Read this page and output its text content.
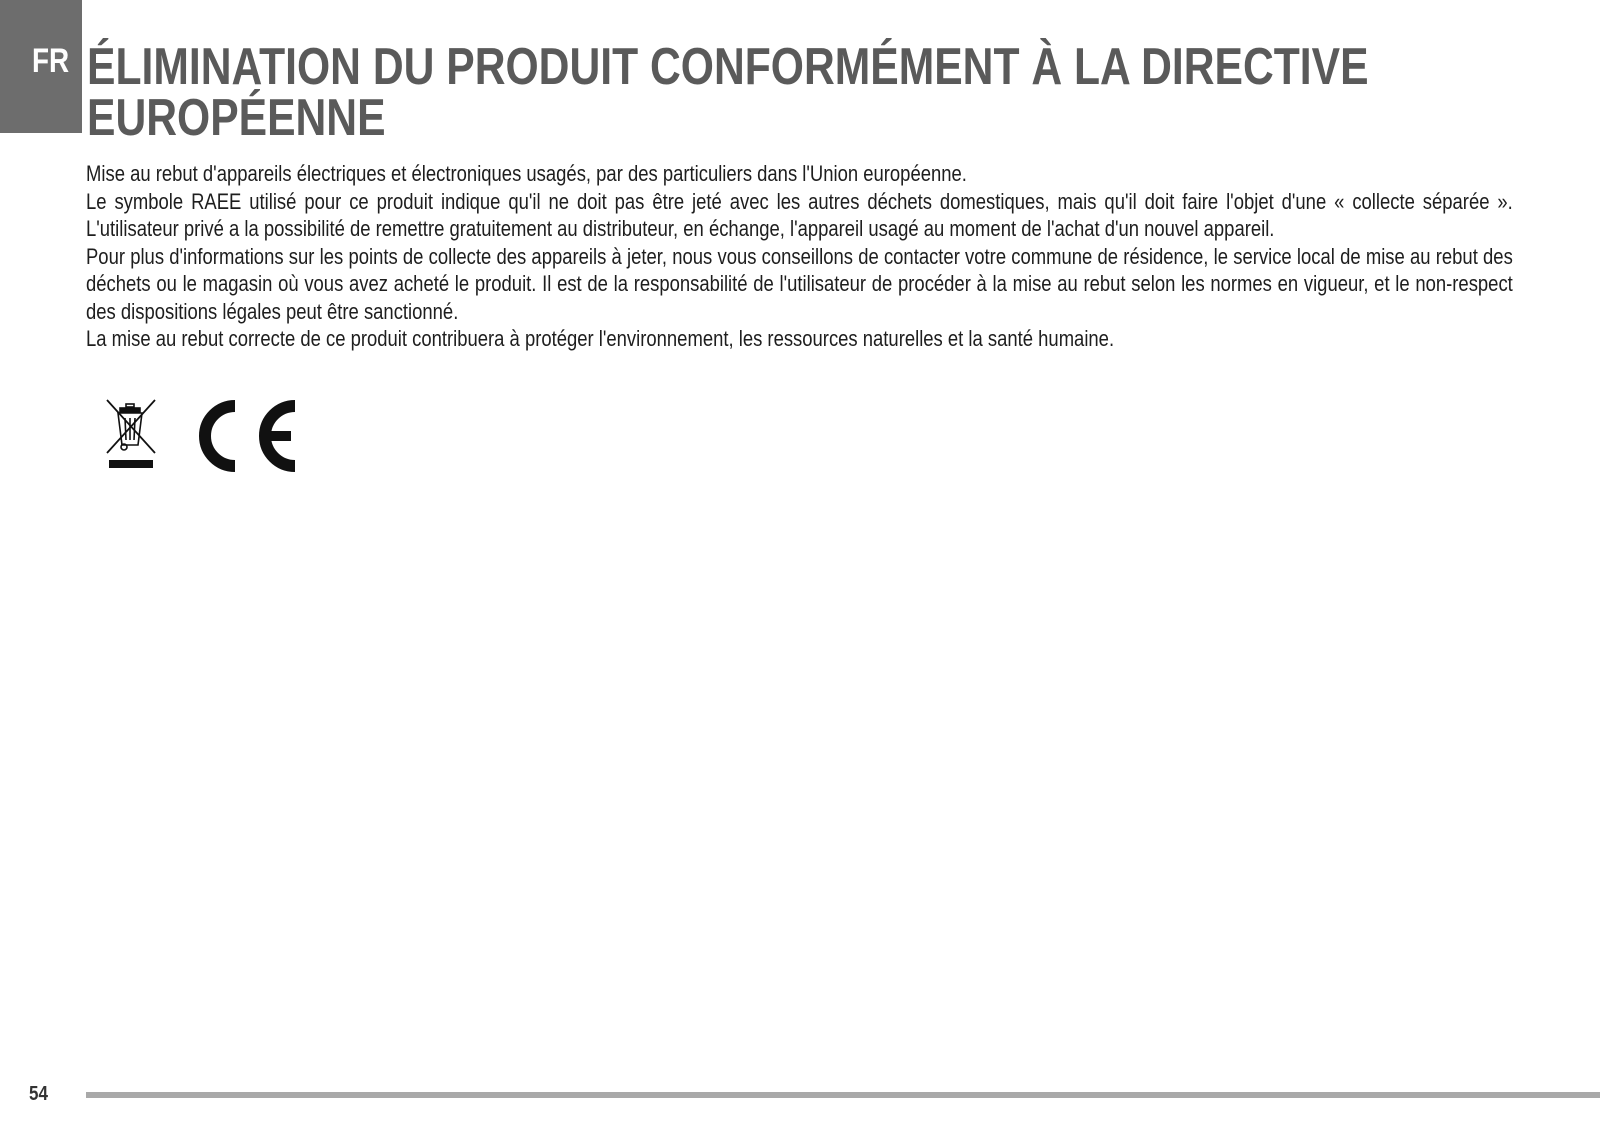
FR ÉLIMINATION DU PRODUIT CONFORMÉMENT À LA DIRECTIVE
EUROPÉENNE

Mise au rebut d'appareils électriques et électroniques usagés, par des particuliers dans l'Union européenne.

Le symbole RAEE utilisé pour ce produit indique qu'il ne doit pas être jeté avec les autres déchets domestiques, mais qu'il doit faire l'objet d'une « collecte séparée ». L'utilisateur privé a la possibilité de remettre gratuitement au distributeur, en échange, l'appareil usagé au moment de l'achat d'un nouvel appareil.

Pour plus d'informations sur les points de collecte des appareils à jeter, nous vous conseillons de contacter votre commune de résidence, le service local de mise au rebut des déchets ou le magasin où vous avez acheté le produit. Il est de la responsabilité de l'utilisateur de procéder à la mise au rebut selon les normes en vigueur, et le non-respect des dispositions légales peut être sanctionné.

La mise au rebut correcte de ce produit contribuera à protéger l'environnement, les ressources naturelles et la santé humaine.

54
